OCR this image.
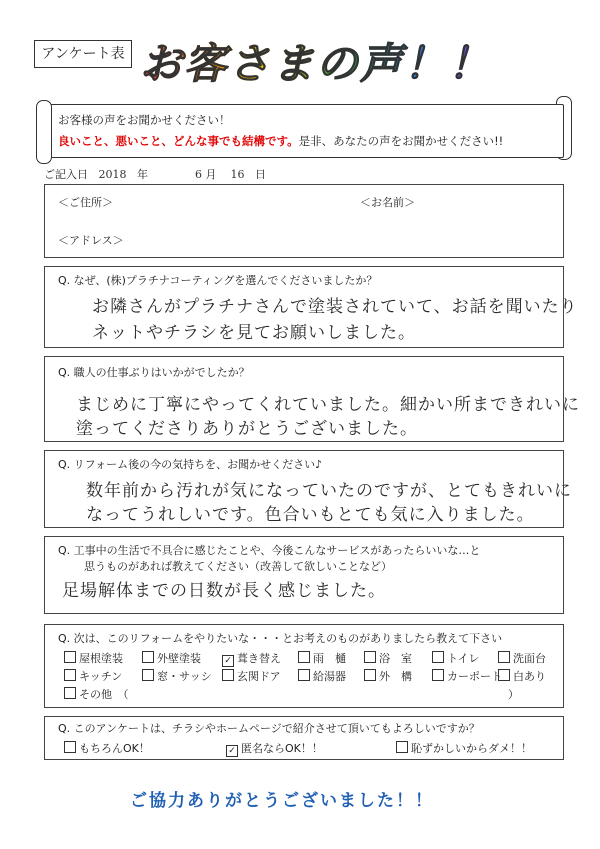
アンケート表 お客さまの声！！
お客様の声をお聞かせください！
良いこと、悪いこと、どんな事でも結構です。是非、あなたの声をお聞かせください!!
ご記入日 2018 年	6 月 16 日
＜ご住所＞	＜お名前＞
＜アドレス＞
Q. なぜ、(株)プラチナコーティングを選んでくださいましたか？
お隣さんがプラチナさんで塗装されていて、お話を聞いたり
ネットやチラシを見てお願いしました。
Q. 職人の仕事ぶりはいかがでしたか？
まじめに丁寧にやってくれていました。細かい所まできれいに
塗ってくださりありがとうございました。
Q. リフォーム後の今の気持ちを、お聞かせください♪
数年前から汚れが気になっていたのですが、とてもきれいに
なってうれしいです。色合いもとても気に入りました。
Q. 工事中の生活で不具合に感じたことや、今後こんなサービスがあったらいいな…と
思うものがあれば教えてください（改善して欲しいことなど）
足場解体までの日数が長く感じました。
Q. 次は、このリフォームをやりたいな・・・とお考えのものがありましたら教えて下さい
屋根塗装	外壁塗装	✓ 葺き替え	雨　樋	浴　室	トイレ	洗面台
キッチン	窓・サッシ	玄関ドア	給湯器	外　構	カーポート	白あり
その他　（	）
Q. このアンケートは、チラシやホームページで紹介させて頂いてもよろしいですか？
もちろんOK！	✓ 匿名ならOK！！	恥ずかしいからダメ！！
ご協力ありがとうございました！！
